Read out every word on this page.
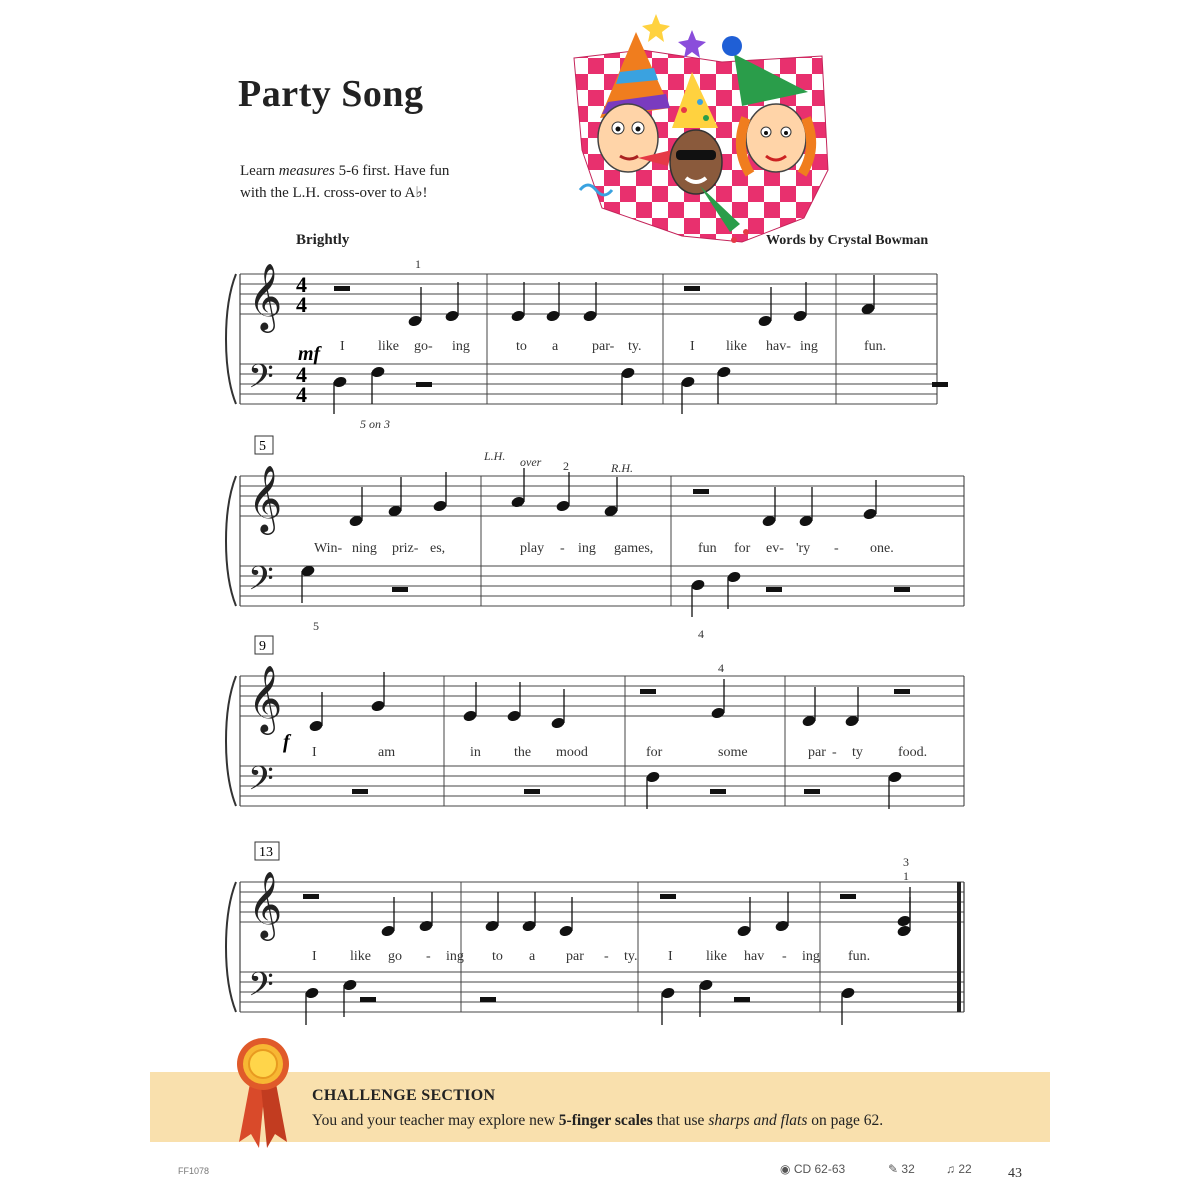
Party Song
Learn measures 5-6 first. Have fun
with the L.H. cross-over to A♭!
Brightly	Words by Crystal Bowman
𝄞
𝄢
4
4
4
4
mf I like go- ing	to a par- ty.	I like hav- ing	fun.
1
5 on 3
𝄞
𝄢
5
Win- ning priz- es,	play - ing games,	fun for ev- 'ry - one.
L.H. over 2	R.H.
5
4
𝄞
𝄢
9
f I	am	in the mood	for	some	par - ty	food.
4
𝄞
𝄢
13
I like go - ing to a par - ty. I like hav - ing fun.
3
1
CHALLENGE SECTION
You and your teacher may explore new 5-finger scales that use sharps and flats on page 62.
FF1078	◉ CD 62-63	✎ 32	♫ 22	43
